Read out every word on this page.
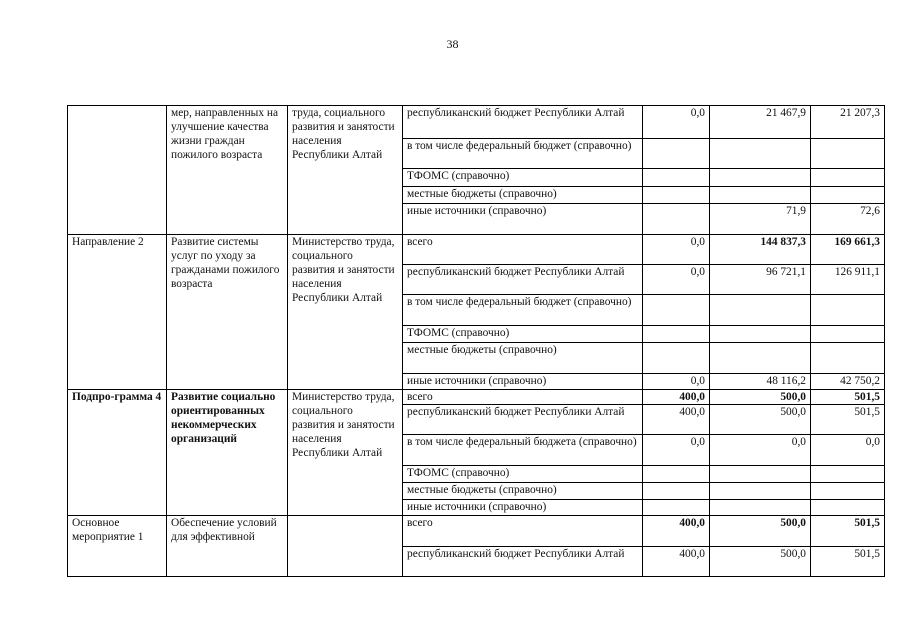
38
	мер, направленных на улучшение качества жизни граждан пожилого возраста	труда, социального развития и занятости населения Республики Алтай	республиканский бюджет Республики Алтай	0,0	21 467,9	21 207,3
			в том числе федеральный бюджет (справочно)			
			ТФОМС (справочно)			
			местные бюджеты (справочно)			
			иные источники (справочно)		71,9	72,6
Направление 2	Развитие системы услуг по уходу за гражданами пожилого возраста	Министерство труда, социального развития и занятости населения Республики Алтай	всего	0,0	144 837,3	169 661,3
			республиканский бюджет Республики Алтай	0,0	96 721,1	126 911,1
			в том числе федеральный бюджет (справочно)			
			ТФОМС (справочно)			
			местные бюджеты (справочно)			
			иные источники (справочно)	0,0	48 116,2	42 750,2
Подпро-грамма 4	Развитие социально ориентированных некоммерческих организаций	Министерство труда, социального развития и занятости населения Республики Алтай	всего	400,0	500,0	501,5
			республиканский бюджет Республики Алтай	400,0	500,0	501,5
			в том числе федеральный бюджета (справочно)	0,0	0,0	0,0
			ТФОМС (справочно)			
			местные бюджеты (справочно)			
			иные источники (справочно)			
Основное мероприятие 1	Обеспечение условий для эффективной		всего	400,0	500,0	501,5
			республиканский бюджет Республики Алтай	400,0	500,0	501,5
